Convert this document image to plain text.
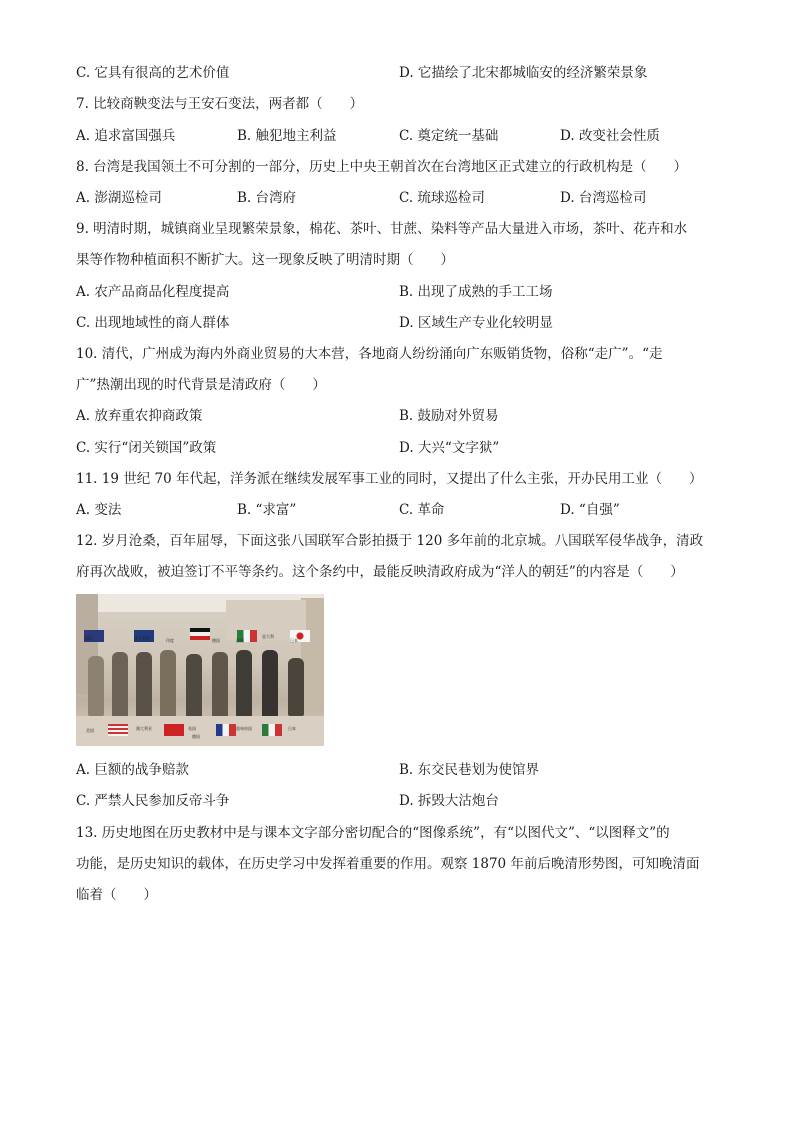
C. 它具有很高的艺术价值	D. 它描绘了北宋都城临安的经济繁荣景象
7. 比较商鞅变法与王安石变法，两者都（　　）
A. 追求富国强兵	B. 触犯地主利益	C. 奠定统一基础	D. 改变社会性质
8. 台湾是我国领土不可分割的一部分，历史上中央王朝首次在台湾地区正式建立的行政机构是（　　）
A. 澎湖巡检司	B. 台湾府	C. 琉球巡检司	D. 台湾巡检司
9. 明清时期，城镇商业呈现繁荣景象，棉花、茶叶、甘蔗、染料等产品大量进入市场，茶叶、花卉和水
果等作物种植面积不断扩大。这一现象反映了明清时期（　　）
A. 农产品商品化程度提高	B. 出现了成熟的手工工场
C. 出现地域性的商人群体	D. 区域生产专业化较明显
10. 清代，广州成为海内外商业贸易的大本营，各地商人纷纷涌向广东贩销货物，俗称“走广”。“走
广”热潮出现的时代背景是清政府（　　）
A. 放弃重农抑商政策	B. 鼓励对外贸易
C. 实行“闭关锁国”政策	D. 大兴“文字狱”
11. 19 世纪 70 年代起，洋务派在继续发展军事工业的同时，又提出了什么主张，开办民用工业（　　）
A. 变法	B. “求富”	C. 革命	D. “自强”
12. 岁月沧桑，百年屈辱，下面这张八国联军合影拍摄于 120 多年前的北京城。八国联军侵华战争，清政
府再次战败，被迫签订不平等条约。这个条约中，最能反映清政府成为“洋人的朝廷”的内容是（　　）
英国	澳大利亚	印度	德国	法国
意大利
日本
美国	澳大利亚	英国
德国
奥匈帝国	日本
A. 巨额的战争赔款	B. 东交民巷划为使馆界
C. 严禁人民参加反帝斗争	D. 拆毁大沽炮台
13. 历史地图在历史教材中是与课本文字部分密切配合的“图像系统”，有“以图代文”、“以图释文”的
功能，是历史知识的载体，在历史学习中发挥着重要的作用。观察 1870 年前后晚清形势图，可知晚清面
临着（　　）
